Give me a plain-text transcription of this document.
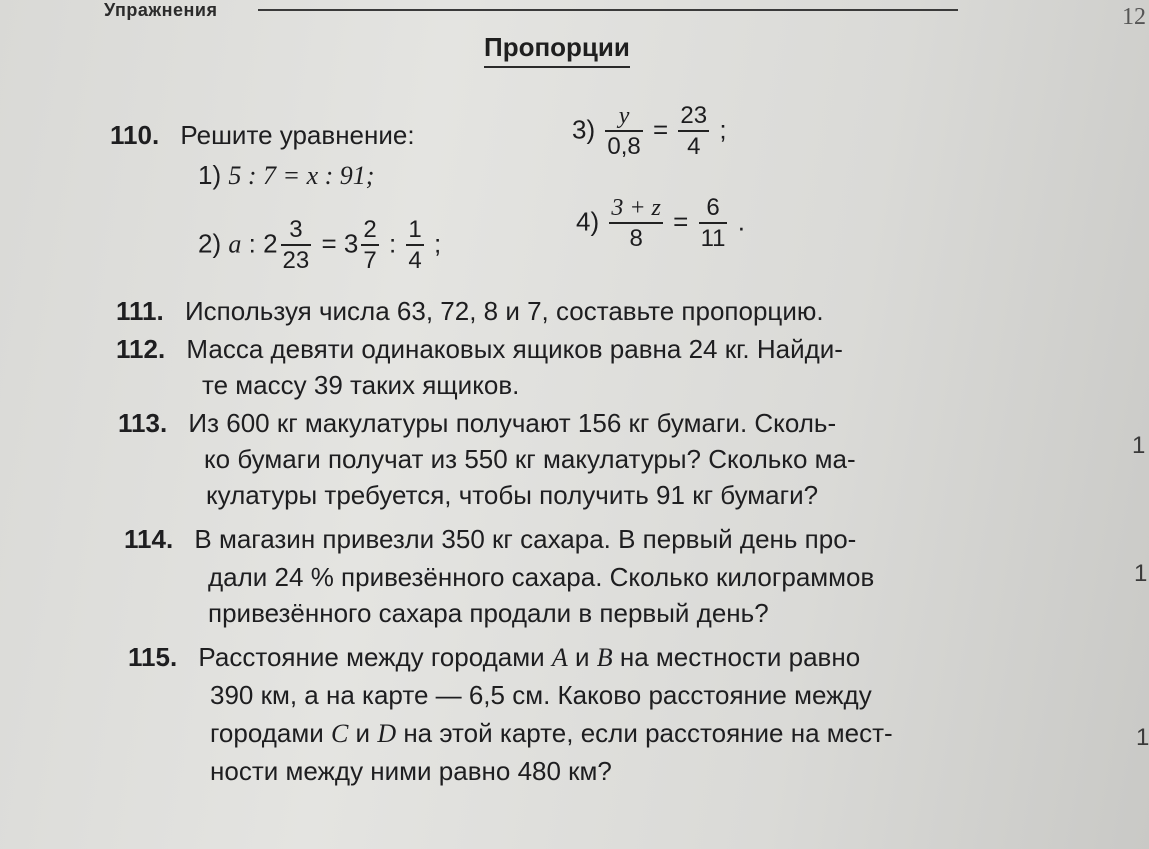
Упражнения	12
Пропорции
110. Решите уравнение:
1) 5 : 7 = x : 91;
2) a : $2 \frac{3}{23} = 3 \frac{2}{7}$ : $\frac{1}{4}$ ;
$3) \frac{y}{0,8} = \frac{23}{4}$ ;
$4) \frac{3 + z}{8} = \frac{6}{11}$ .
111. Используя числа 63, 72, 8 и 7, составьте пропорцию.
112. Масса девяти одинаковых ящиков равна 24 кг. Найди-
те массу 39 таких ящиков.
113. Из 600 кг макулатуры получают 156 кг бумаги. Сколь-
ко бумаги получат из 550 кг макулатуры? Сколько ма-
кулатуры требуется, чтобы получить 91 кг бумаги?
114. В магазин привезли 350 кг сахара. В первый день про-
дали 24 % привезённого сахара. Сколько килограммов
привезённого сахара продали в первый день?
115. Расстояние между городами A и B на местности равно
390 км, а на карте — 6,5 см. Каково расстояние между
городами C и D на этой карте, если расстояние на мест-
ности между ними равно 480 км?
1
1
1
